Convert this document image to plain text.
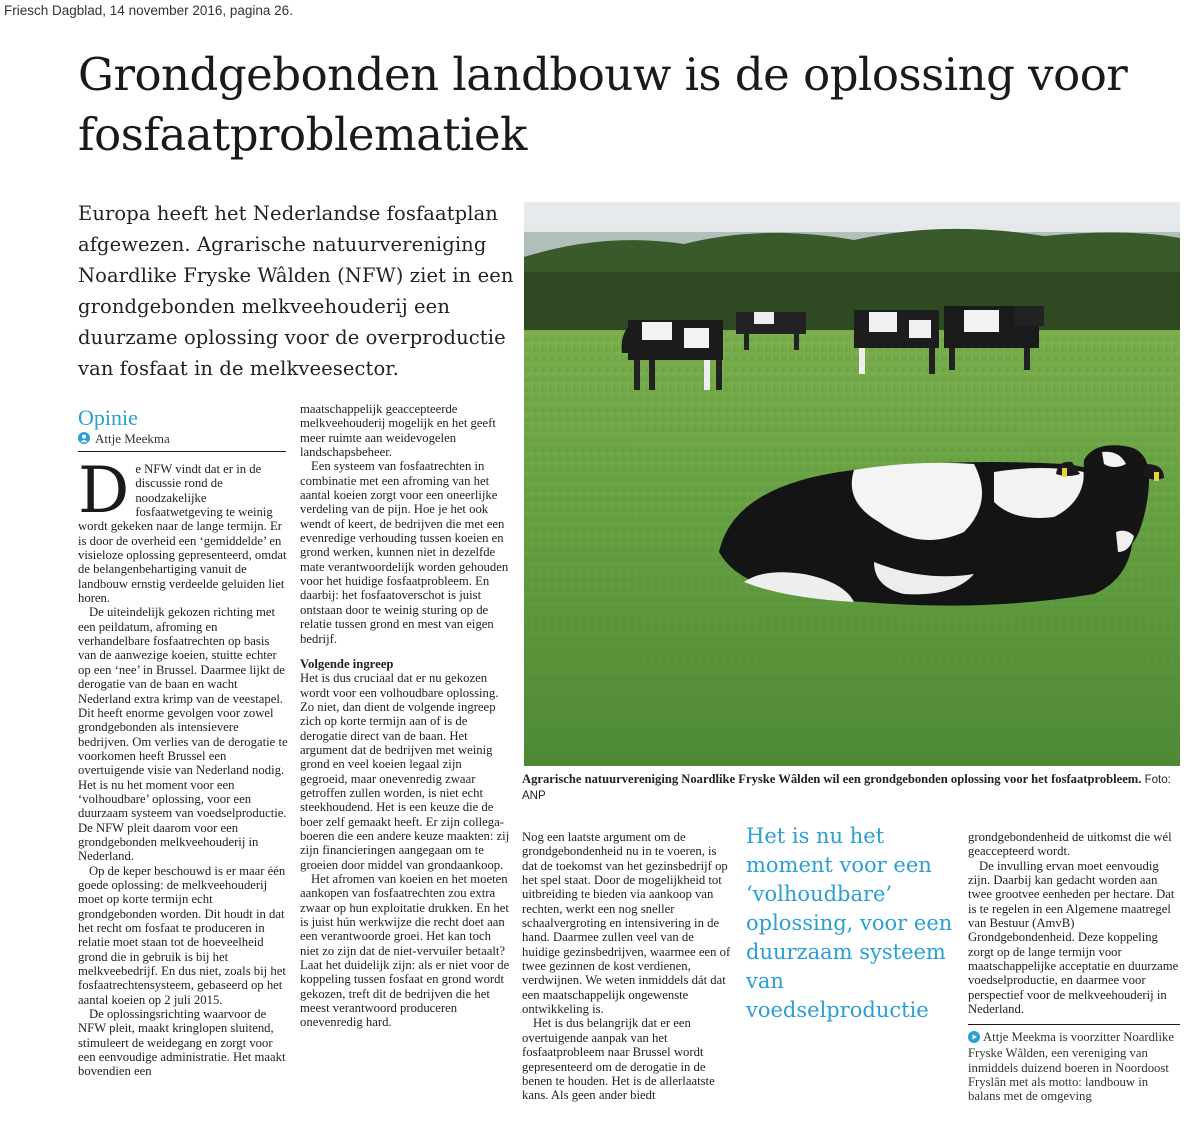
Friesch Dagblad, 14 november 2016, pagina 26.
Grondgebonden landbouw is de oplossing voor fosfaatproblematiek

Europa heeft het Nederlandse fosfaatplan afgewezen. Agrarische natuurvereniging Noardlike Fryske Wâlden (NFW) ziet in een grondgebonden melkveehouderij een duurzame oplossing voor de overproductie van fosfaat in de melkveesector.

Agrarische natuurvereniging Noardlike Fryske Wâlden wil een grondgebonden oplossing voor het fosfaatprobleem. Foto: ANP

Opinie
Attje Meekma

De NFW vindt dat er in de discussie rond de noodzakelijke fosfaatwetgeving te weinig wordt gekeken naar de lange termijn. Er is door de overheid een ‘gemiddelde’ en visieloze oplossing gepresenteerd, omdat de belangenbehartiging vanuit de landbouw ernstig verdeelde geluiden liet horen.

De uiteindelijk gekozen richting met een peildatum, afroming en verhandelbare fosfaatrechten op basis van de aanwezige koeien, stuitte echter op een ‘nee’ in Brussel. Daarmee lijkt de derogatie van de baan en wacht Nederland extra krimp van de veestapel. Dit heeft enorme gevolgen voor zowel grondgebonden als intensievere bedrijven. Om verlies van de derogatie te voorkomen heeft Brussel een overtuigende visie van Nederland nodig. Het is nu het moment voor een ‘volhoudbare’ oplossing, voor een duurzaam systeem van voedselproductie. De NFW pleit daarom voor een grondgebonden melkveehouderij in Nederland.

Op de keper beschouwd is er maar één goede oplossing: de melkveehouderij moet op korte termijn echt grondgebonden worden. Dit houdt in dat het recht om fosfaat te produceren in relatie moet staan tot de hoeveelheid grond die in gebruik is bij het melkveebedrijf. En dus niet, zoals bij het fosfaatrechtensysteem, gebaseerd op het aantal koeien op 2 juli 2015.

De oplossingsrichting waarvoor de NFW pleit, maakt kringlopen sluitend, stimuleert de weidegang en zorgt voor een eenvoudige administratie. Het maakt bovendien een

maatschappelijk geaccepteerde melkveehouderij mogelijk en het geeft meer ruimte aan weidevogelen landschapsbeheer.

Een systeem van fosfaatrechten in combinatie met een afroming van het aantal koeien zorgt voor een oneerlijke verdeling van de pijn. Hoe je het ook wendt of keert, de bedrijven die met een evenredige verhouding tussen koeien en grond werken, kunnen niet in dezelfde mate verantwoordelijk worden gehouden voor het huidige fosfaatprobleem. En daarbij: het fosfaatoverschot is juist ontstaan door te weinig sturing op de relatie tussen grond en mest van eigen bedrijf.

Volgende ingreep

Het is dus cruciaal dat er nu gekozen wordt voor een volhoudbare oplossing. Zo niet, dan dient de volgende ingreep zich op korte termijn aan of is de derogatie direct van de baan. Het argument dat de bedrijven met weinig grond en veel koeien legaal zijn gegroeid, maar onevenredig zwaar getroffen zullen worden, is niet echt steekhoudend. Het is een keuze die de boer zelf gemaakt heeft. Er zijn collega-boeren die een andere keuze maakten: zij zijn financieringen aangegaan om te groeien door middel van grondaankoop.

Het afromen van koeien en het moeten aankopen van fosfaatrechten zou extra zwaar op hun exploitatie drukken. En het is juist hún werkwijze die recht doet aan een verantwoorde groei. Het kan toch niet zo zijn dat de niet-vervuiler betaalt? Laat het duidelijk zijn: als er niet voor de koppeling tussen fosfaat en grond wordt gekozen, treft dit de bedrijven die het meest verantwoord produceren onevenredig hard.

Nog een laatste argument om de grondgebondenheid nu in te voeren, is dat de toekomst van het gezinsbedrijf op het spel staat. Door de mogelijkheid tot uitbreiding te bieden via aankoop van rechten, werkt een nog sneller schaalvergroting en intensivering in de hand. Daarmee zullen veel van de huidige gezinsbedrijven, waarmee een of twee gezinnen de kost verdienen, verdwijnen. We weten inmiddels dát dat een maatschappelijk ongewenste ontwikkeling is.

Het is dus belangrijk dat er een overtuigende aanpak van het fosfaatprobleem naar Brussel wordt gepresenteerd om de derogatie in de benen te houden. Het is de allerlaatste kans. Als geen ander biedt

Het is nu het moment voor een ‘volhoudbare’ oplossing, voor een duurzaam systeem van voedselproductie

grondgebondenheid de uitkomst die wél geaccepteerd wordt.

De invulling ervan moet eenvoudig zijn. Daarbij kan gedacht worden aan twee grootvee eenheden per hectare. Dat is te regelen in een Algemene maatregel van Bestuur (AmvB) Grondgebondenheid. Deze koppeling zorgt op de lange termijn voor maatschappelijke acceptatie en duurzame voedselproductie, en daarmee voor perspectief voor de melkveehouderij in Nederland.

Attje Meekma is voorzitter Noardlike Fryske Wâlden, een vereniging van inmiddels duizend boeren in Noordoost Fryslân met als motto: landbouw in balans met de omgeving
